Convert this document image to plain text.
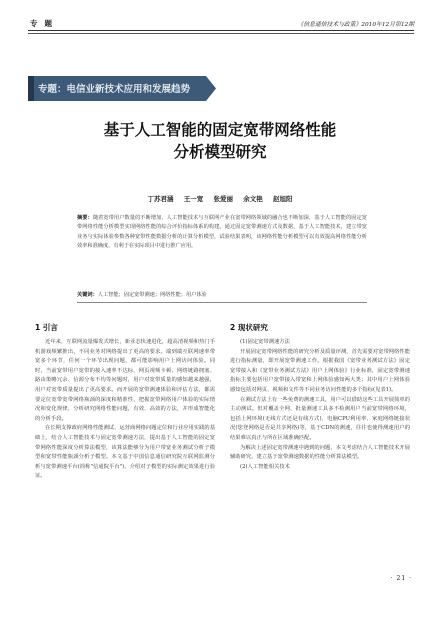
专题	《信息通信技术与政策》2010年12月第12期
专题：电信业新技术应用和发展趋势
基于人工智能的固定宽带网络性能
分析模型研究
丁苏君涵 王一宽 张爱丽 余文艳 赵旭阳
摘要：随着宽带用户数量的不断增加，人工智能技术与互联网产业在宽带网络领域的融合也不断加深，基于人工智能的固定宽带网络性能分析模型实现网络性能的综合评价指标体系的构建。通过固定宽带测速方式及数据，基于人工智能技术，建立带宽业务与实际体验参数各种宽带性能数据分析的计算分析模型，试验结果表明，该网络性能分析模型可以有效提高网络性能分析效率和准确度，有利于在实际项目中进行推广应用。
关键词：人工智能；固定宽带测速；网络性能；用户体验
1 引言

近年来，互联网流量爆发式增长，新业态快速进化，超高清视频和热门手机游戏频繁推出，不同业务对网络提出了更高的要求。端到端互联网速率带宽多个环节，任何一个环节出现问题，都可能影响用户上网访问体验。同时，当前宽带用户宽带的接入速率不达标、网页视频卡顿、网络链路拥塞、路由策略冗余、信源分布不均等问题时，用户对宽带质量的感知越来越强，用户对宽带质量提出了更高要求。而开展的宽带测速体验和评估方法，都需要定位宽带宽带网络瓶颈的深度和精准性，把握宽带网络用户体验的实际情况和变化规律，分析研究网络性能问题，有效、高效的方法，并形成智能化的分析手段。

在长期支撑政府网络性能测试、运营商网络问题定位和行业应用实践的基础上，结合人工智能技术与固定宽带测速方法，提出基于人工智能的固定宽带网络性能深度分析算法模型，该算法能够分为用户带宽业务测试分析子模型和宽带性能瓶颈分析子模型。本文基于中国信息通信研究院互联网监测分析与宽带测速平台(简称"信通院平台")，介绍对子模型的实际测定效果进行验证。

2 现状研究

(1)固定宽带测速方法

开展固定宽带网络性能的研究分析及质量评测，首先需要对宽带网络性能进行指标测量，即开展宽带测速工作。根据我国《宽带业务测试方法》固定宽带接入和《宽带业务测试方法》用户上网体验》行业标准，固定宽带测速指标主要包括用户宽带接入带宽和上网体验感知两大类；其中用户上网体验感知包括对网页、视频和文件等不同业务访问性能的多个指标(见表1)。

在测试方法上有一些免费的测速工具，用户可以借助这些工具开展简单的主动测试。但对覆盖全网、批量测速工具多不检测用户当前宽带网络环境，包括上网环境(无线方式还是有线方式)、电脑CPU利用率、家庭网络链接状况(您登网络是否是共享网络)等，基于CDN的测速，往往也使得测速用户的结果难以真正与所在区域准确匹配。

为解决上述固定宽带测速中遇到的问题，本文考虑结合人工智能技术开展辅助研究，建立基于宽带测速数据的性能分析算法模型。

(2)人工智能相关技术

· 21 ·
